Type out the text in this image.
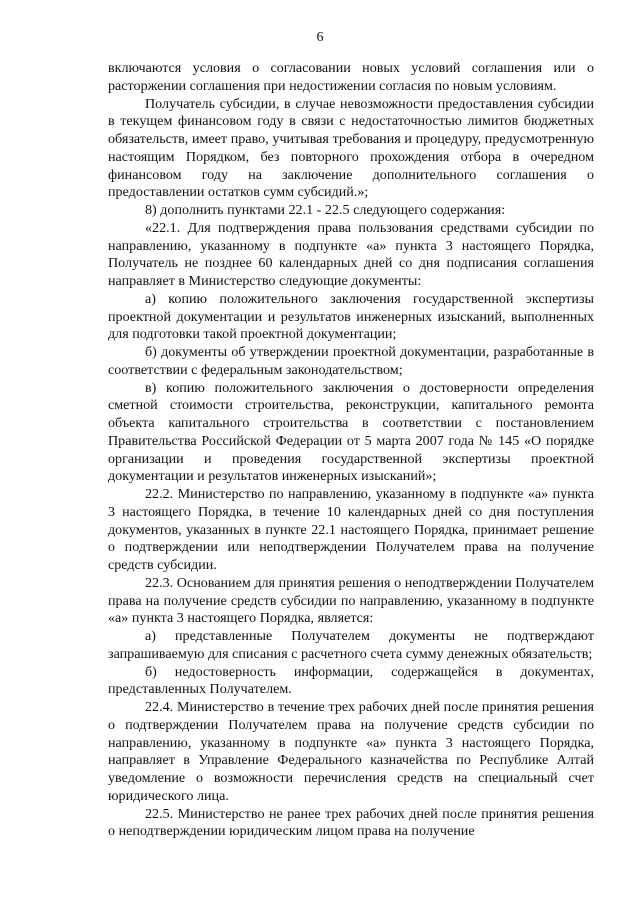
6

включаются условия о согласовании новых условий соглашения или о расторжении соглашения при недостижении согласия по новым условиям.

Получатель субсидии, в случае невозможности предоставления субсидии в текущем финансовом году в связи с недостаточностью лимитов бюджетных обязательств, имеет право, учитывая требования и процедуру, предусмотренную настоящим Порядком, без повторного прохождения отбора в очередном финансовом году на заключение дополнительного соглашения о предоставлении остатков сумм субсидий.»;

8) дополнить пунктами 22.1 - 22.5 следующего содержания:

«22.1. Для подтверждения права пользования средствами субсидии по направлению, указанному в подпункте «а» пункта 3 настоящего Порядка, Получатель не позднее 60 календарных дней со дня подписания соглашения направляет в Министерство следующие документы:

а) копию положительного заключения государственной экспертизы проектной документации и результатов инженерных изысканий, выполненных для подготовки такой проектной документации;

б) документы об утверждении проектной документации, разработанные в соответствии с федеральным законодательством;

в) копию положительного заключения о достоверности определения сметной стоимости строительства, реконструкции, капитального ремонта объекта капитального строительства в соответствии с постановлением Правительства Российской Федерации от 5 марта 2007 года № 145 «О порядке организации и проведения государственной экспертизы проектной документации и результатов инженерных изысканий»;

22.2. Министерство по направлению, указанному в подпункте «а» пункта 3 настоящего Порядка, в течение 10 календарных дней со дня поступления документов, указанных в пункте 22.1 настоящего Порядка, принимает решение о подтверждении или неподтверждении Получателем права на получение средств субсидии.

22.3. Основанием для принятия решения о неподтверждении Получателем права на получение средств субсидии по направлению, указанному в подпункте «а» пункта 3 настоящего Порядка, является:

а) представленные Получателем документы не подтверждают запрашиваемую для списания с расчетного счета сумму денежных обязательств;

б) недостоверность информации, содержащейся в документах, представленных Получателем.

22.4. Министерство в течение трех рабочих дней после принятия решения о подтверждении Получателем права на получение средств субсидии по направлению, указанному в подпункте «а» пункта 3 настоящего Порядка, направляет в Управление Федерального казначейства по Республике Алтай уведомление о возможности перечисления средств на специальный счет юридического лица.

22.5. Министерство не ранее трех рабочих дней после принятия решения о неподтверждении юридическим лицом права на получение
